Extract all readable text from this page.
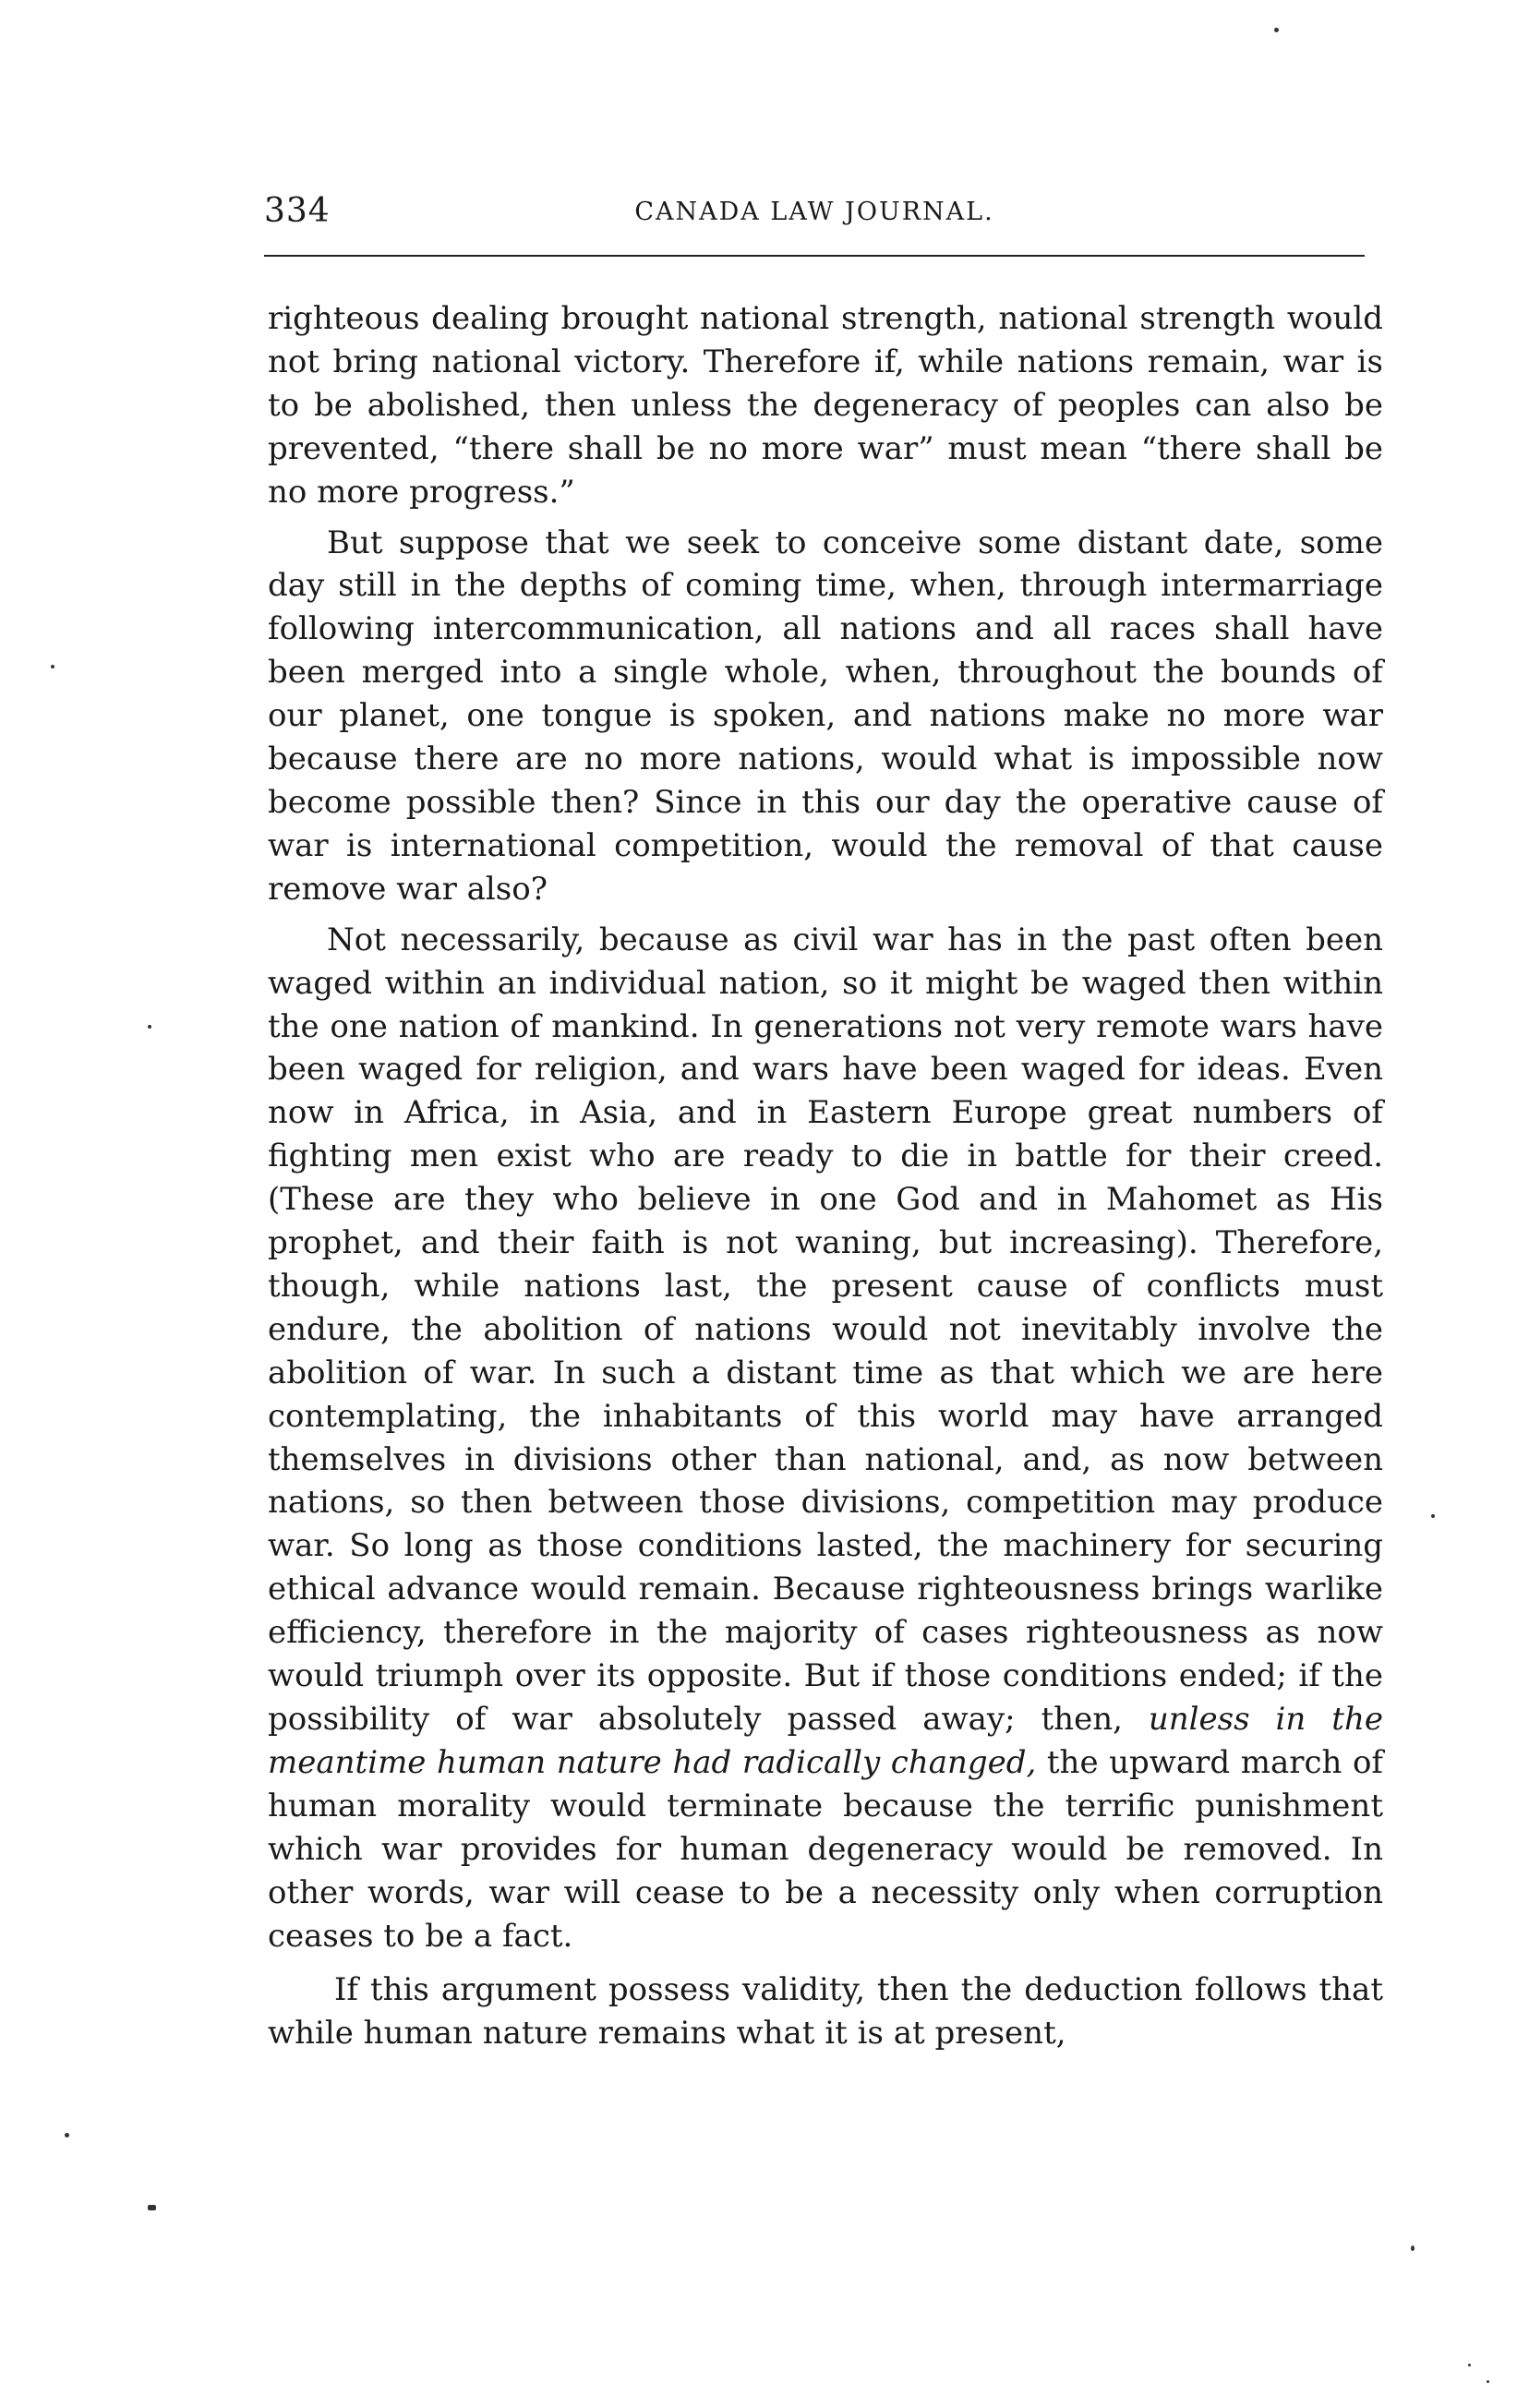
334	CANADA LAW JOURNAL.

righteous dealing brought national strength, national strength would not bring national victory. Therefore if, while nations remain, war is to be abolished, then unless the degeneracy of peoples can also be prevented, “there shall be no more war” must mean “there shall be no more progress.”

But suppose that we seek to conceive some distant date, some day still in the depths of coming time, when, through intermarriage following intercommunication, all nations and all races shall have been merged into a single whole, when, throughout the bounds of our planet, one tongue is spoken, and nations make no more war because there are no more nations, would what is impossible now become possible then? Since in this our day the operative cause of war is international competition, would the removal of that cause remove war also?

Not necessarily, because as civil war has in the past often been waged within an individual nation, so it might be waged then within the one nation of mankind. In generations not very remote wars have been waged for religion, and wars have been waged for ideas. Even now in Africa, in Asia, and in Eastern Europe great numbers of fighting men exist who are ready to die in battle for their creed. (These are they who believe in one God and in Mahomet as His prophet, and their faith is not waning, but increasing). Therefore, though, while nations last, the present cause of conflicts must endure, the abolition of nations would not inevitably involve the abolition of war. In such a distant time as that which we are here contemplating, the inhabitants of this world may have arranged themselves in divisions other than national, and, as now between nations, so then between those divisions, competition may produce war. So long as those conditions lasted, the machinery for securing ethical advance would remain. Because righteousness brings warlike efficiency, therefore in the majority of cases righteousness as now would triumph over its opposite. But if those conditions ended; if the possibility of war absolutely passed away; then, unless in the meantime human nature had radically changed, the upward march of human morality would terminate because the terrific punishment which war provides for human degeneracy would be removed. In other words, war will cease to be a necessity only when corruption ceases to be a fact.

If this argument possess validity, then the deduction follows that while human nature remains what it is at present,
